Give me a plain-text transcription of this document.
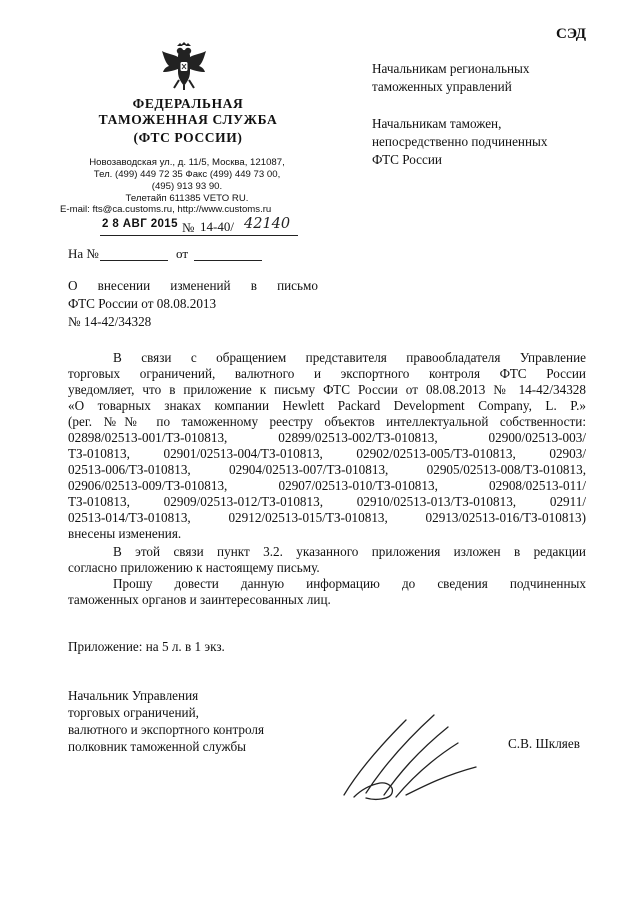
СЭД
ФЕДЕРАЛЬНАЯ
ТАМОЖЕННАЯ СЛУЖБА
(ФТС РОССИИ)
Новозаводская ул., д. 11/5, Москва, 121087,
Тел. (499) 449 72 35 Факс (499) 449 73 00,
(495) 913 93 90.
Телетайп 611385 VETO RU.
E-mail: fts@ca.customs.ru, http://www.customs.ru
2 8 АВГ 2015 № 14-40/ 42140
На №	от
Начальникам региональных
таможенных управлений
Начальникам таможен,
непосредственно подчиненных
ФТС России
О внесении изменений в письмо
ФТС России от 08.08.2013
№ 14-42/34328
В связи с обращением представителя правообладателя Управление
торговых ограничений, валютного и экспортного контроля ФТС России
уведомляет, что в приложение к письму ФТС России от 08.08.2013 № 14-42/34328
«О товарных знаках компании Hewlett Packard Development Company, L. P.»
(рег. №№ по таможенному реестру объектов интеллектуальной собственности:
02898/02513-001/ТЗ-010813, 02899/02513-002/ТЗ-010813, 02900/02513-003/
ТЗ-010813, 02901/02513-004/ТЗ-010813, 02902/02513-005/ТЗ-010813, 02903/
02513-006/ТЗ-010813, 02904/02513-007/ТЗ-010813, 02905/02513-008/ТЗ-010813,
02906/02513-009/ТЗ-010813, 02907/02513-010/ТЗ-010813, 02908/02513-011/
ТЗ-010813, 02909/02513-012/ТЗ-010813, 02910/02513-013/ТЗ-010813, 02911/
02513-014/ТЗ-010813, 02912/02513-015/ТЗ-010813, 02913/02513-016/ТЗ-010813)
внесены изменения.
В этой связи пункт 3.2. указанного приложения изложен в редакции
согласно приложению к настоящему письму.
Прошу довести данную информацию до сведения подчиненных
таможенных органов и заинтересованных лиц.
Приложение: на 5 л. в 1 экз.
Начальник Управления
торговых ограничений,
валютного и экспортного контроля
полковник таможенной службы	С.В. Шкляев
